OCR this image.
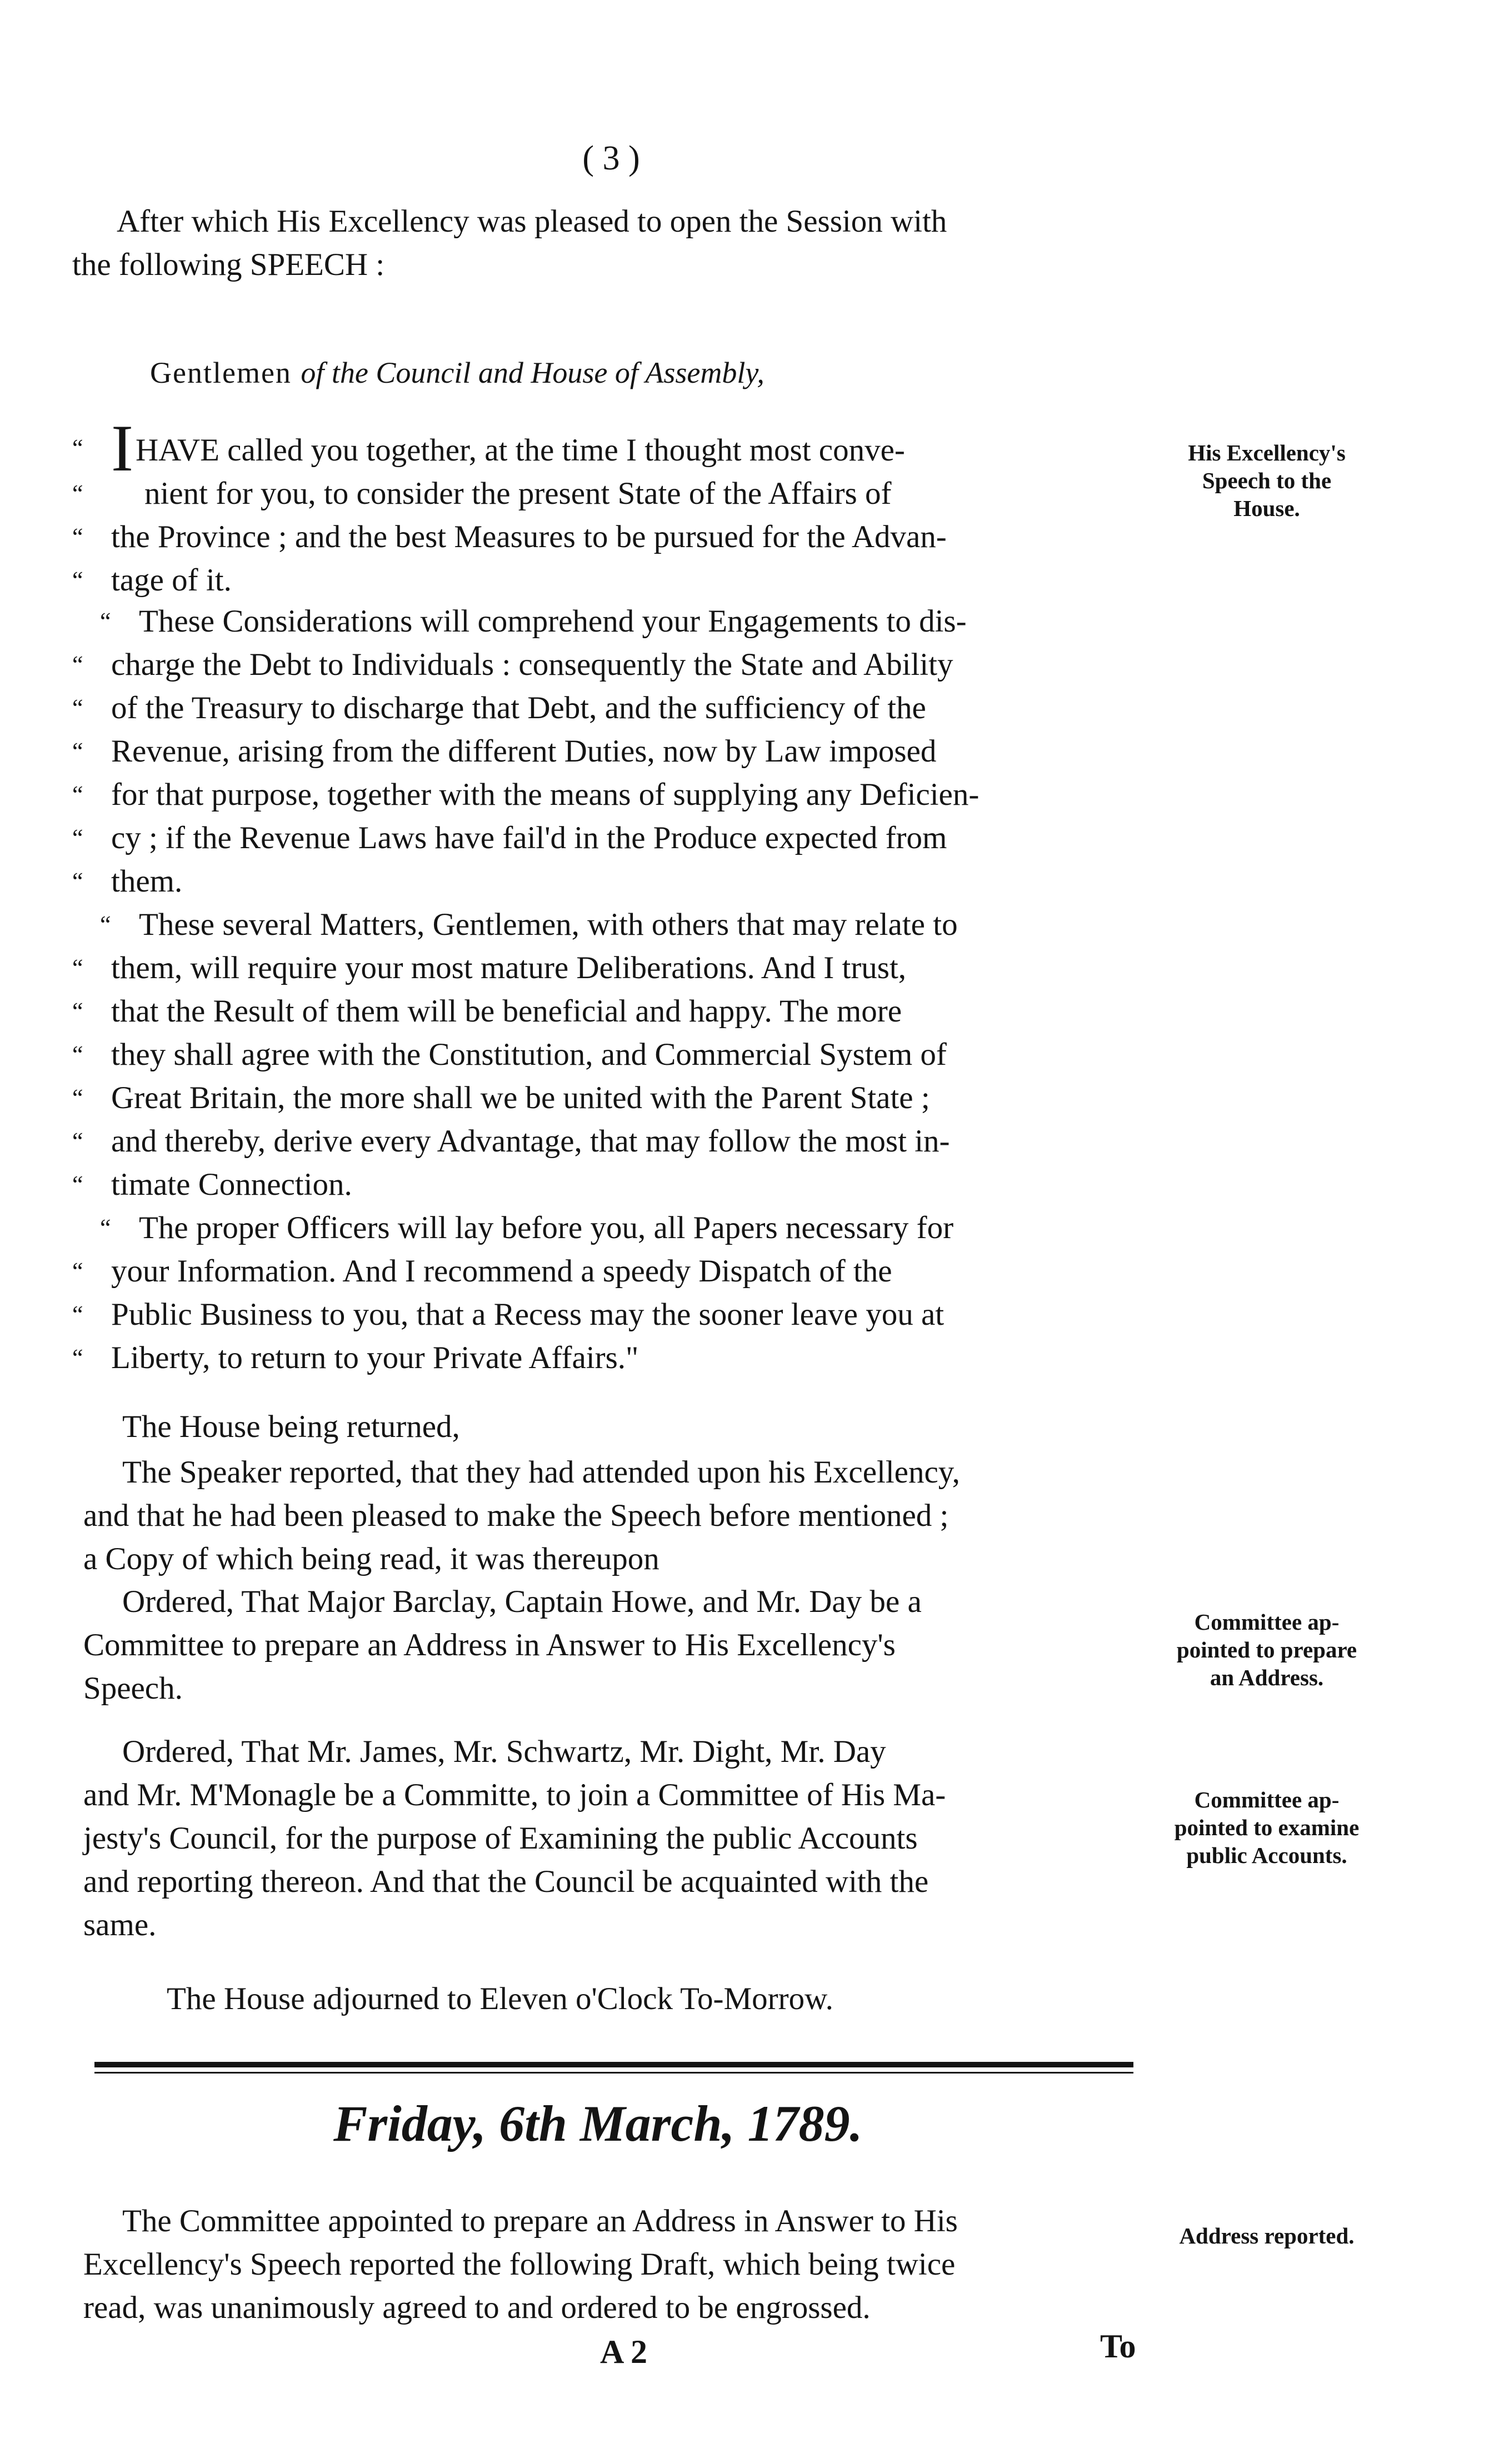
( 3 )

After which His Excellency was pleased to open the Session with

the following SPEECH :

Gentlemen of the Council and House of Assembly,

“ IHAVE called you together, at the time I thought most conve-

“ nient for you, to consider the present State of the Affairs of

“ the Province ; and the best Measures to be pursued for the Advan-

“ tage of it.

“ These Considerations will comprehend your Engagements to dis-

“ charge the Debt to Individuals : consequently the State and Ability

“ of the Treasury to discharge that Debt, and the sufficiency of the

“ Revenue, arising from the different Duties, now by Law imposed

“ for that purpose, together with the means of supplying any Deficien-

“ cy ; if the Revenue Laws have fail'd in the Produce expected from

“ them.

“ These several Matters, Gentlemen, with others that may relate to

“ them, will require your most mature Deliberations. And I trust,

“ that the Result of them will be beneficial and happy. The more

“ they shall agree with the Constitution, and Commercial System of

“ Great Britain, the more shall we be united with the Parent State ;

“ and thereby, derive every Advantage, that may follow the most in-

“ timate Connection.

“ The proper Officers will lay before you, all Papers necessary for

“ your Information. And I recommend a speedy Dispatch of the

“ Public Business to you, that a Recess may the sooner leave you at

“ Liberty, to return to your Private Affairs."

The House being returned,

The Speaker reported, that they had attended upon his Excellency,

and that he had been pleased to make the Speech before mentioned ;

a Copy of which being read, it was thereupon

Ordered, That Major Barclay, Captain Howe, and Mr. Day be a

Committee to prepare an Address in Answer to His Excellency's

Speech.

Ordered, That Mr. James, Mr. Schwartz, Mr. Dight, Mr. Day

and Mr. M'Monagle be a Committe, to join a Committee of His Ma-

jesty's Council, for the purpose of Examining the public Accounts

and reporting thereon. And that the Council be acquainted with the

same.

The House adjourned to Eleven o'Clock To-Morrow.

Friday, 6th March, 1789.

The Committee appointed to prepare an Address in Answer to His

Excellency's Speech reported the following Draft, which being twice

read, was unanimously agreed to and ordered to be engrossed.

A 2	To
His Excellency's
Speech to the
House.
Committee ap-
pointed to prepare
an Address.
Committee ap-
pointed to examine
public Accounts.
Address reported.
